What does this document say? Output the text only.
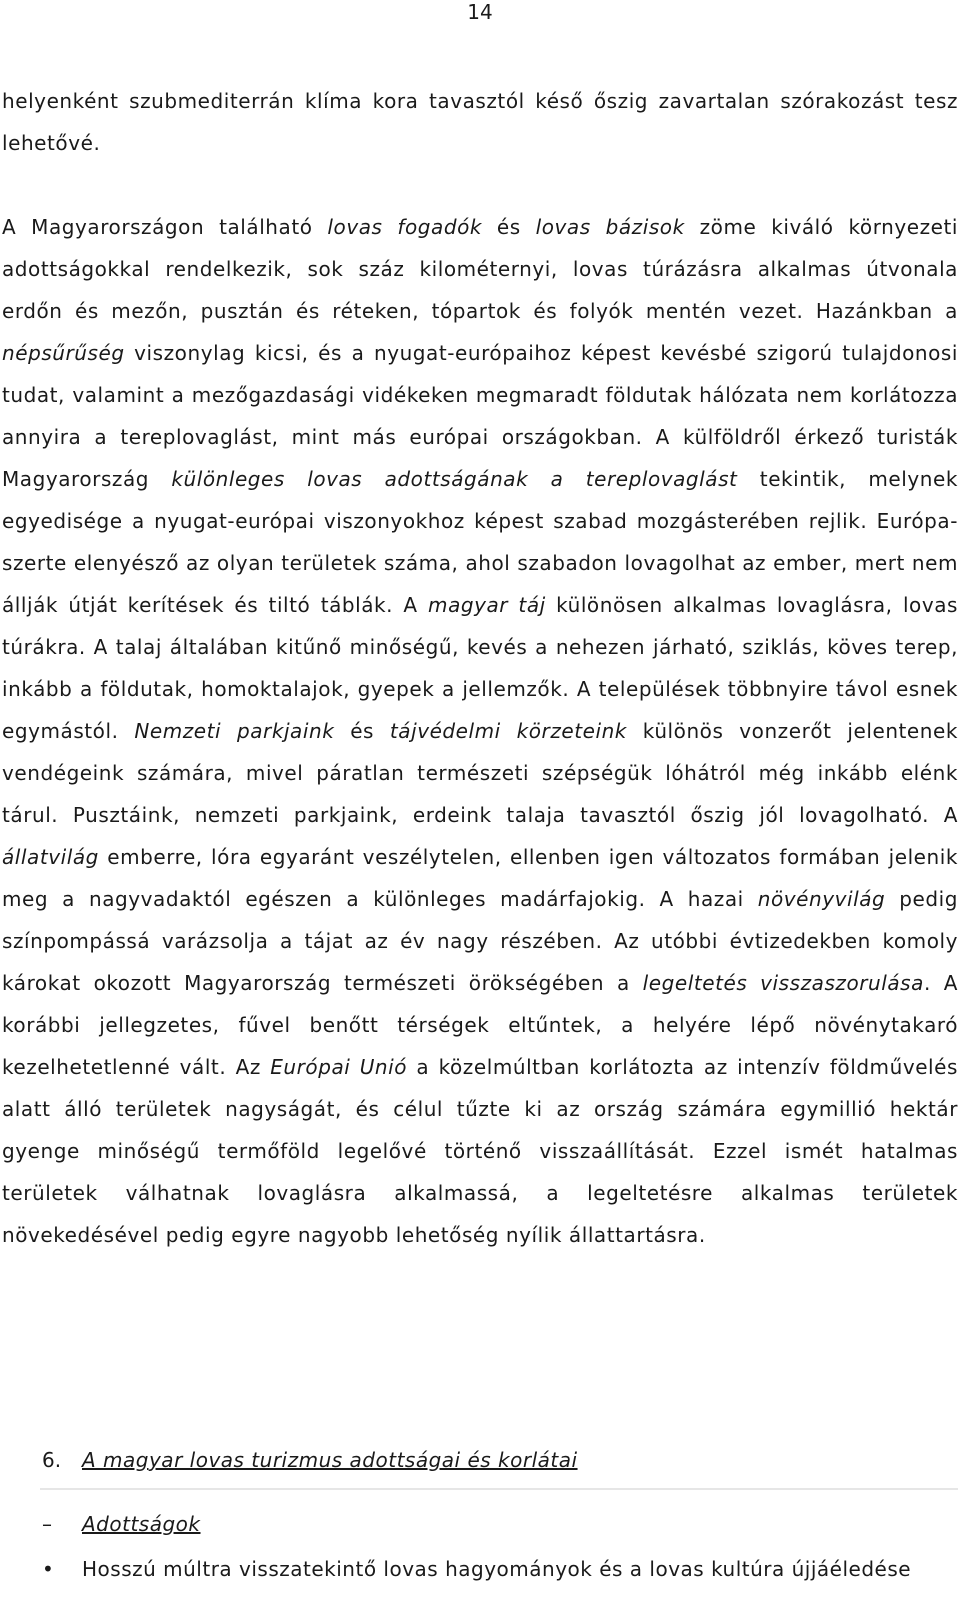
14

helyenként szubmediterrán klíma kora tavasztól késő őszig zavartalan szórakozást tesz lehetővé.

A Magyarországon található lovas fogadók és lovas bázisok zöme kiváló környezeti adottságokkal rendelkezik, sok száz kilométernyi, lovas túrázásra alkalmas útvonala erdőn és mezőn, pusztán és réteken, tópartok és folyók mentén vezet. Hazánkban a népsűrűség viszonylag kicsi, és a nyugat-európaihoz képest kevésbé szigorú tulajdonosi tudat, valamint a mezőgazdasági vidékeken megmaradt földutak hálózata nem korlátozza annyira a tereplovaglást, mint más európai országokban. A külföldről érkező turisták Magyarország különleges lovas adottságának a tereplovaglást tekintik, melynek egyedisége a nyugat-európai viszonyokhoz képest szabad mozgásterében rejlik. Európa-szerte elenyésző az olyan területek száma, ahol szabadon lovagolhat az ember, mert nem állják útját kerítések és tiltó táblák. A magyar táj különösen alkalmas lovaglásra, lovas túrákra. A talaj általában kitűnő minőségű, kevés a nehezen járható, sziklás, köves terep, inkább a földutak, homoktalajok, gyepek a jellemzők. A települések többnyire távol esnek egymástól. Nemzeti parkjaink és tájvédelmi körzeteink különös vonzerőt jelentenek vendégeink számára, mivel páratlan természeti szépségük lóhátról még inkább elénk tárul. Pusztáink, nemzeti parkjaink, erdeink talaja tavasztól őszig jól lovagolható. A állatvilág emberre, lóra egyaránt veszélytelen, ellenben igen változatos formában jelenik meg a nagyvadaktól egészen a különleges madárfajokig. A hazai növényvilág pedig színpompássá varázsolja a tájat az év nagy részében. Az utóbbi évtizedekben komoly károkat okozott Magyarország természeti örökségében a legeltetés visszaszorulása. A korábbi jellegzetes, fűvel benőtt térségek eltűntek, a helyére lépő növénytakaró kezelhetetlenné vált. Az Európai Unió a közelmúltban korlátozta az intenzív földművelés alatt álló területek nagyságát, és célul tűzte ki az ország számára egymillió hektár gyenge minőségű termőföld legelővé történő visszaállítását. Ezzel ismét hatalmas területek válhatnak lovaglásra alkalmassá, a legeltetésre alkalmas területek növekedésével pedig egyre nagyobb lehetőség nyílik állattartásra.

6. A magyar lovas turizmus adottságai és korlátai
– Adottságok
•	Hosszú múltra visszatekintő lovas hagyományok és a lovas kultúra újjáéledése
